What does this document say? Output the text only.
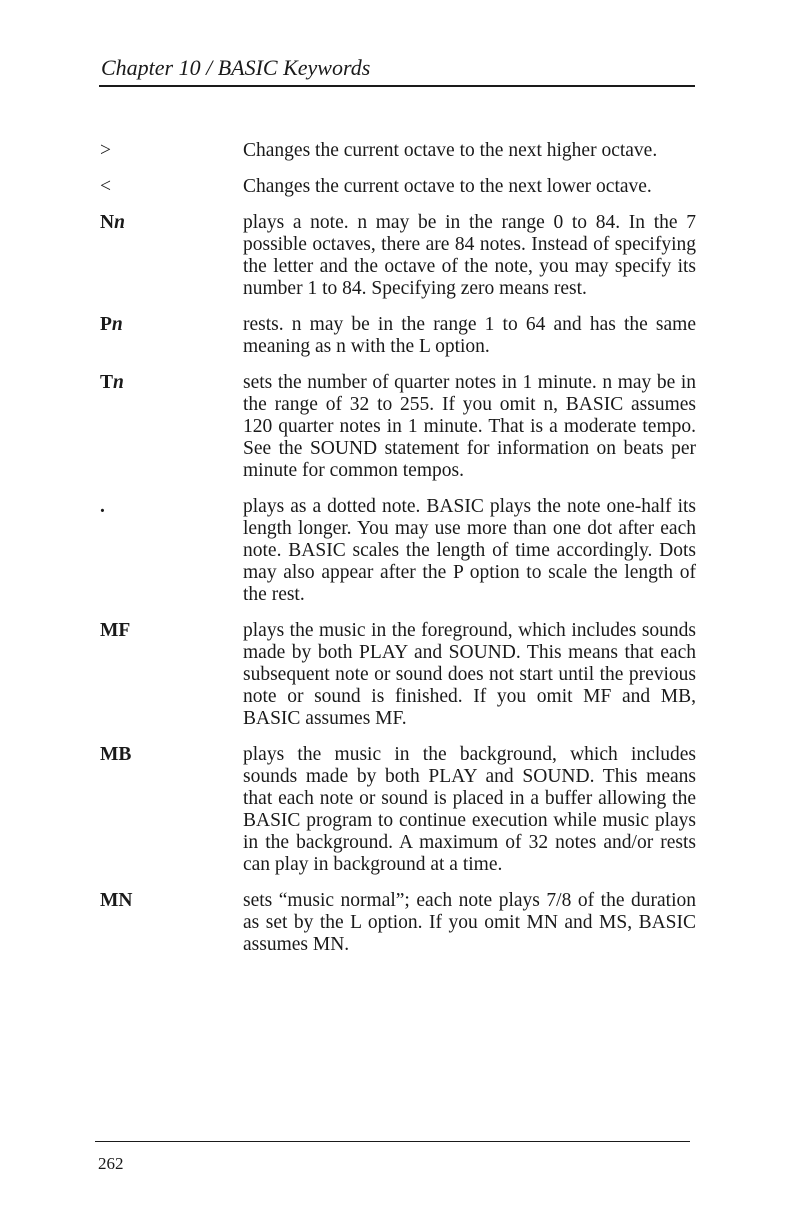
Chapter 10 / BASIC Keywords
>	Changes the current octave to the next higher octave.

<	Changes the current octave to the next lower octave.

Nn	plays a note. n may be in the range 0 to 84. In the 7 possible octaves, there are 84 notes. Instead of specifying the letter and the octave of the note, you may specify its number 1 to 84. Specifying zero means rest.

Pn	rests. n may be in the range 1 to 64 and has the same meaning as n with the L option.

Tn	sets the number of quarter notes in 1 minute. n may be in the range of 32 to 255. If you omit n, BASIC assumes 120 quarter notes in 1 minute. That is a moderate tempo. See the SOUND statement for information on beats per minute for common tempos.

.	plays as a dotted note. BASIC plays the note one-half its length longer. You may use more than one dot after each note. BASIC scales the length of time accordingly. Dots may also appear after the P option to scale the length of the rest.

MF	plays the music in the foreground, which includes sounds made by both PLAY and SOUND. This means that each subsequent note or sound does not start until the previous note or sound is finished. If you omit MF and MB, BASIC assumes MF.

MB	plays the music in the background, which includes sounds made by both PLAY and SOUND. This means that each note or sound is placed in a buffer allowing the BASIC program to continue execution while music plays in the background. A maximum of 32 notes and/or rests can play in background at a time.

MN	sets “music normal”; each note plays 7/8 of the duration as set by the L option. If you omit MN and MS, BASIC assumes MN.

262
